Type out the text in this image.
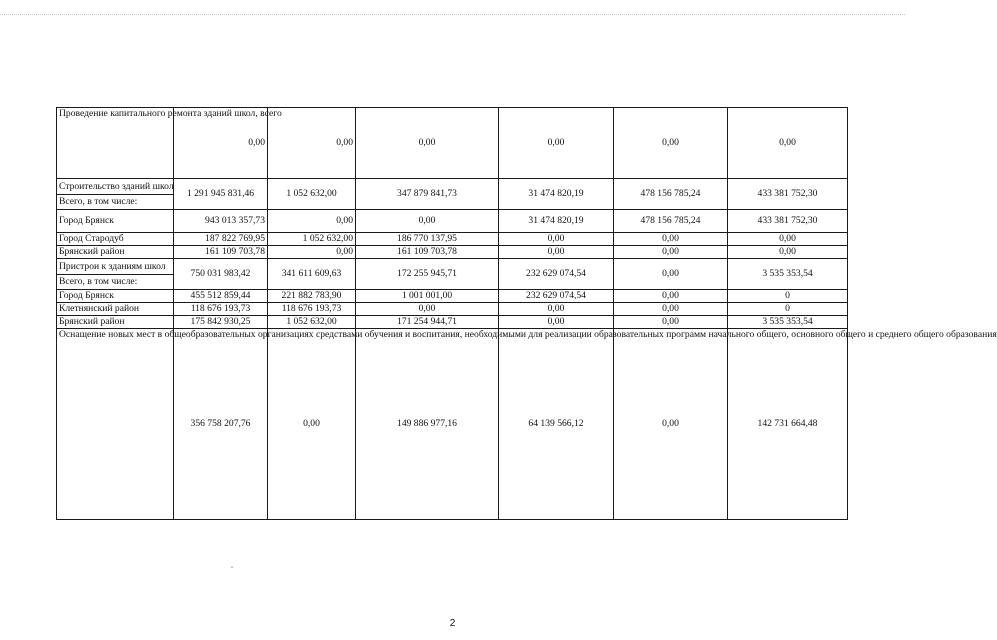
Проведение капитального ремонта зданий школ, всего	0,00	0,00	0,00	0,00	0,00	0,00
Строительство зданий школ
Всего, в том числе:	1 291 945 831,46	1 052 632,00	347 879 841,73	31 474 820,19	478 156 785,24	433 381 752,30
Город Брянск	943 013 357,73	0,00	0,00	31 474 820,19	478 156 785,24	433 381 752,30
Город Стародуб	187 822 769,95	1 052 632,00	186 770 137,95	0,00	0,00	0,00
Брянский район	161 109 703,78	0,00	161 109 703,78	0,00	0,00	0,00
Пристрои к зданиям школ
Всего, в том числе:	750 031 983,42	341 611 609,63	172 255 945,71	232 629 074,54	0,00	3 535 353,54
Город Брянск	455 512 859,44	221 882 783,90	1 001 001,00	232 629 074,54	0,00	0
Клетнянский район	118 676 193,73	118 676 193,73	0,00	0,00	0,00	0
Брянский район	175 842 930,25	1 052 632,00	171 254 944,71	0,00	0,00	3 535 353,54
Оснащение новых мест в общеобразовательных организациях средствами обучения и воспитания, необходимыми для реализации образовательных программ начального общего, основного общего и среднего общего образования	356 758 207,76	0,00	149 886 977,16	64 139 566,12	0,00	142 731 664,48
2
